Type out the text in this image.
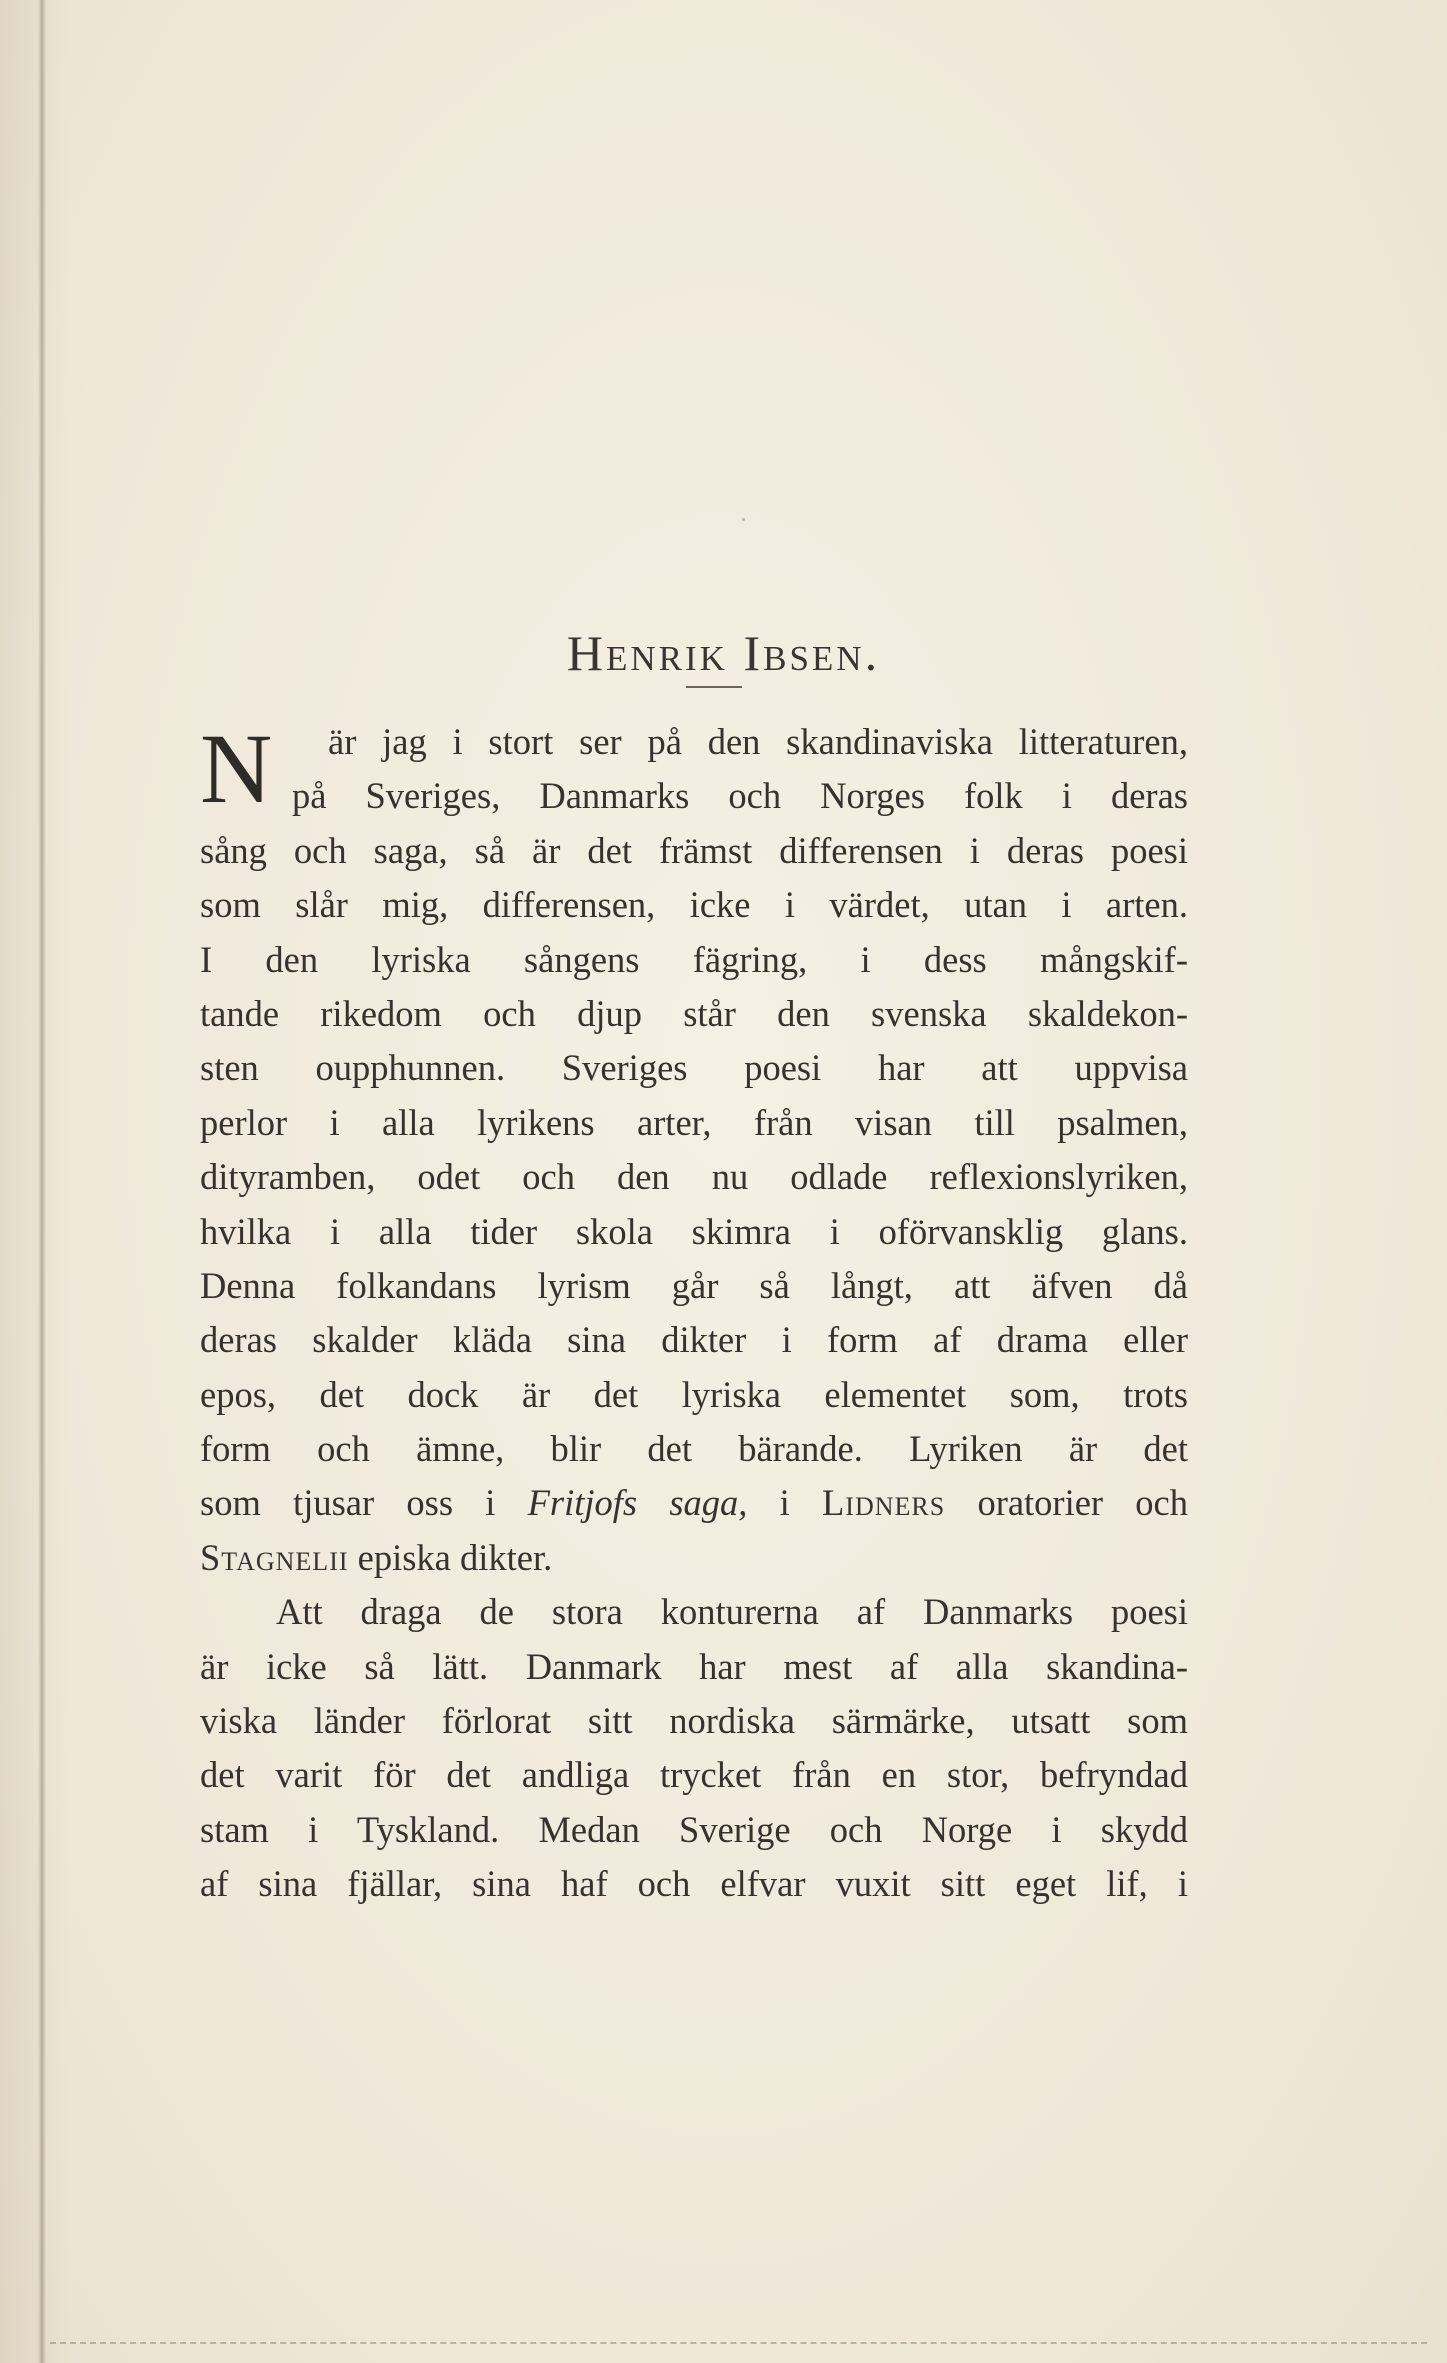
Henrik Ibsen.
N	är jag i stort ser på den skandinaviska litteraturen,
på Sveriges, Danmarks och Norges folk i deras
sång och saga, så är det främst differensen i deras poesi
som slår mig, differensen, icke i värdet, utan i arten.
I den lyriska sångens fägring, i dess mångskif-
tande rikedom och djup står den svenska skaldekon-
sten oupphunnen. Sveriges poesi har att uppvisa
perlor i alla lyrikens arter, från visan till psalmen,
dityramben, odet och den nu odlade reflexionslyriken,
hvilka i alla tider skola skimra i oförvansklig glans.
Denna folkandans lyrism går så långt, att äfven då
deras skalder kläda sina dikter i form af drama eller
epos, det dock är det lyriska elementet som, trots
form och ämne, blir det bärande. Lyriken är det
som tjusar oss i Fritjofs saga, i Lidners oratorier och
Stagnelii episka dikter.
Att draga de stora konturerna af Danmarks poesi
är icke så lätt. Danmark har mest af alla skandina-
viska länder förlorat sitt nordiska särmärke, utsatt som
det varit för det andliga trycket från en stor, befryndad
stam i Tyskland. Medan Sverige och Norge i skydd
af sina fjällar, sina haf och elfvar vuxit sitt eget lif, i
